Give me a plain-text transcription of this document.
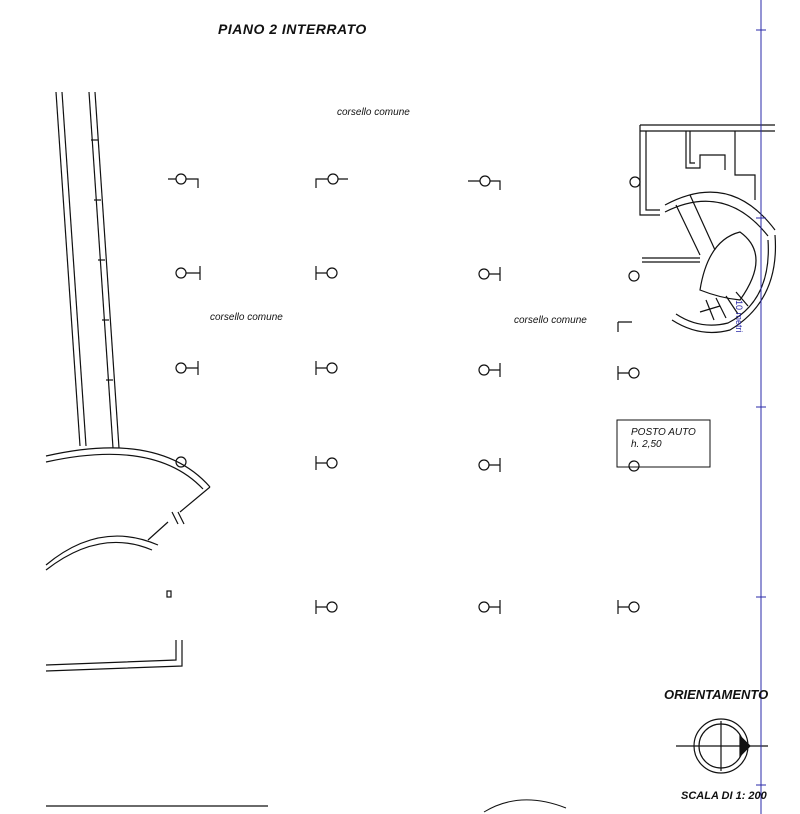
PIANO 2 INTERRATO

corsello comune

corsello comune	corsello comune

POSTO AUTO
h. 2,50

ORIENTAMENTO

SCALA DI 1: 200

10 metri
